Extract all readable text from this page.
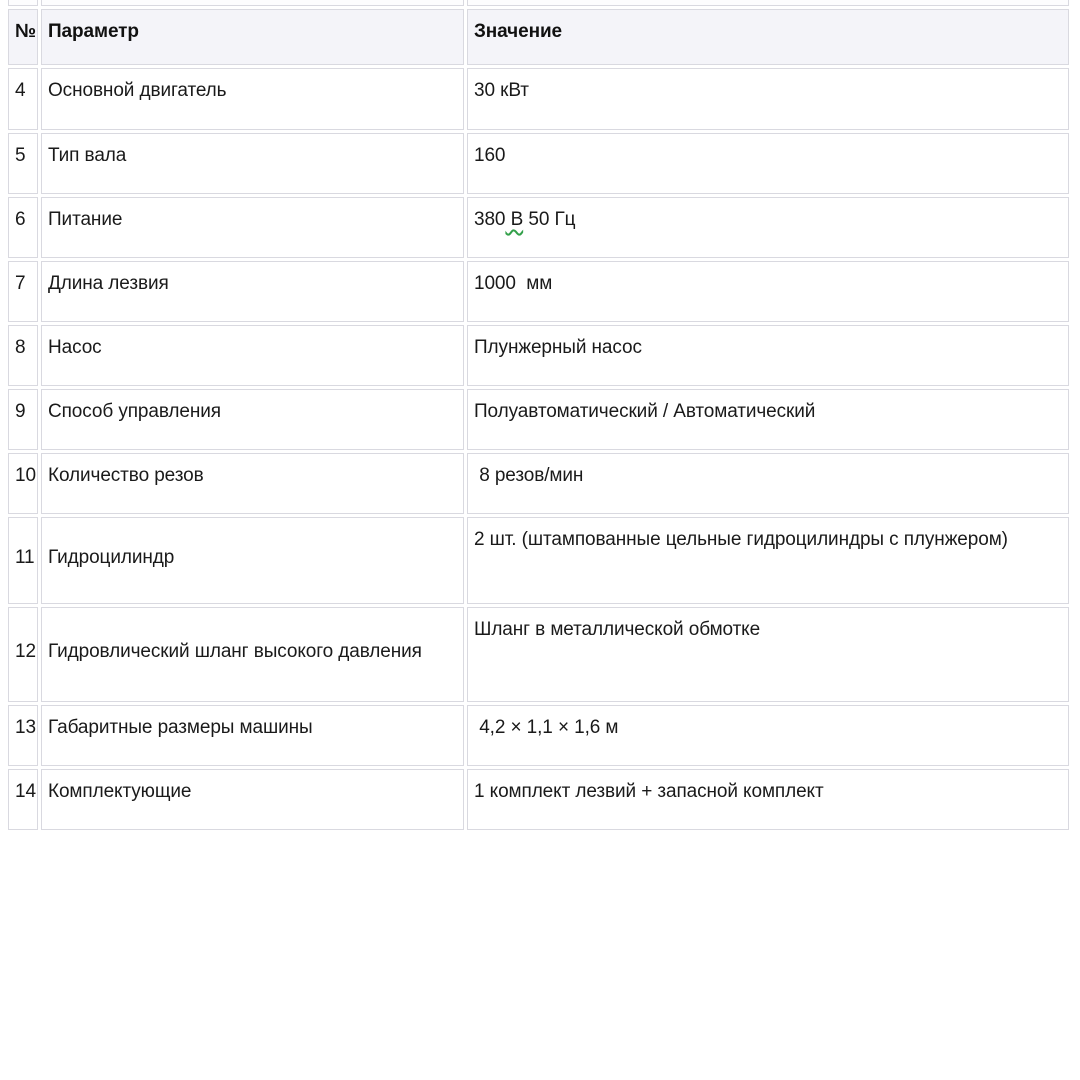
№	Параметр	Значение
4	Основной двигатель	30 кВт
5	Тип вала	160
6	Питание	380 В 50 Гц
7	Длина лезвия	1000  мм
8	Насос	Плунжерный насос
9	Способ управления	Полуавтоматический / Автоматический
10	Количество резов	8 резов/мин
11	Гидроцилиндр	2 шт. (штампованные цельные гидроцилиндры с плунжером)
12	Гидровлический шланг высокого давления	Шланг в металлической обмотке
13	Габаритные размеры машины	4,2 × 1,1 × 1,6 м
14	Комплектующие	1 комплект лезвий + запасной комплект
